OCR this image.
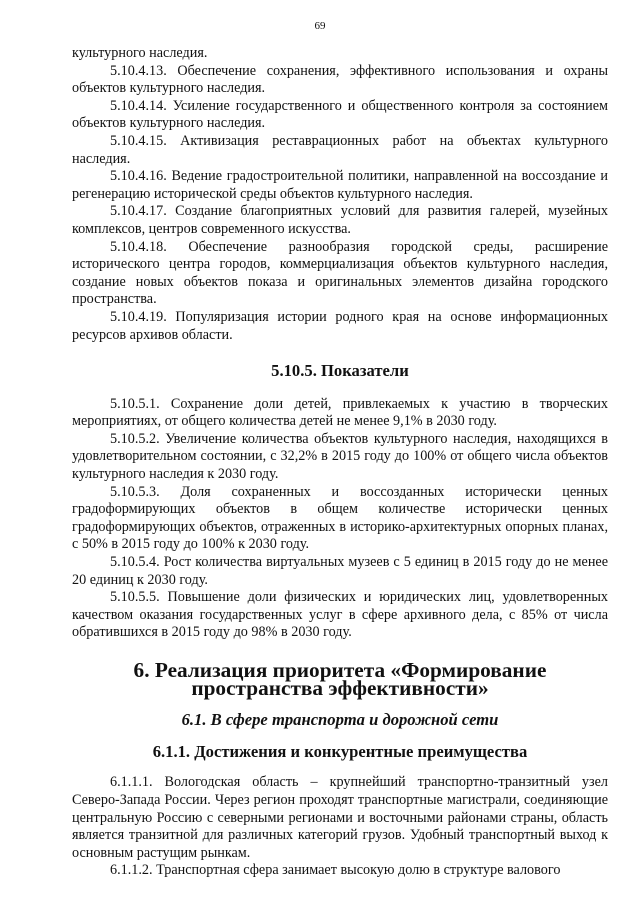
69

культурного наследия.

5.10.4.13. Обеспечение сохранения, эффективного использования и охраны объектов культурного наследия.

5.10.4.14. Усиление государственного и общественного контроля за состоянием объектов культурного наследия.

5.10.4.15. Активизация реставрационных работ на объектах культурного наследия.

5.10.4.16. Ведение градостроительной политики, направленной на воссоздание и регенерацию исторической среды объектов культурного наследия.

5.10.4.17. Создание благоприятных условий для развития галерей, музейных комплексов, центров современного искусства.

5.10.4.18. Обеспечение разнообразия городской среды, расширение исторического центра городов, коммерциализация объектов культурного наследия, создание новых объектов показа и оригинальных элементов дизайна городского пространства.

5.10.4.19. Популяризация истории родного края на основе информационных ресурсов архивов области.

5.10.5. Показатели

5.10.5.1. Сохранение доли детей, привлекаемых к участию в творческих мероприятиях, от общего количества детей не менее 9,1% в 2030 году.

5.10.5.2. Увеличение количества объектов культурного наследия, находящихся в удовлетворительном состоянии, с 32,2% в 2015 году до 100% от общего числа объектов культурного наследия к 2030 году.

5.10.5.3. Доля сохраненных и воссозданных исторически ценных градоформирующих объектов в общем количестве исторически ценных градоформирующих объектов, отраженных в историко-архитектурных опорных планах, с 50% в 2015 году до 100% к 2030 году.

5.10.5.4. Рост количества виртуальных музеев с 5 единиц в 2015 году до не менее 20 единиц к 2030 году.

5.10.5.5. Повышение доли физических и юридических лиц, удовлетворенных качеством оказания государственных услуг в сфере архивного дела, с 85% от числа обратившихся в 2015 году до 98% в 2030 году.

6. Реализация приоритета «Формирование пространства эффективности»
6.1. В сфере транспорта и дорожной сети
6.1.1. Достижения и конкурентные преимущества

6.1.1.1. Вологодская область – крупнейший транспортно-транзитный узел Северо-Запада России. Через регион проходят транспортные магистрали, соединяющие центральную Россию с северными регионами и восточными районами страны, область является транзитной для различных категорий грузов. Удобный транспортный выход к основным растущим рынкам.

6.1.1.2. Транспортная сфера занимает высокую долю в структуре валового
